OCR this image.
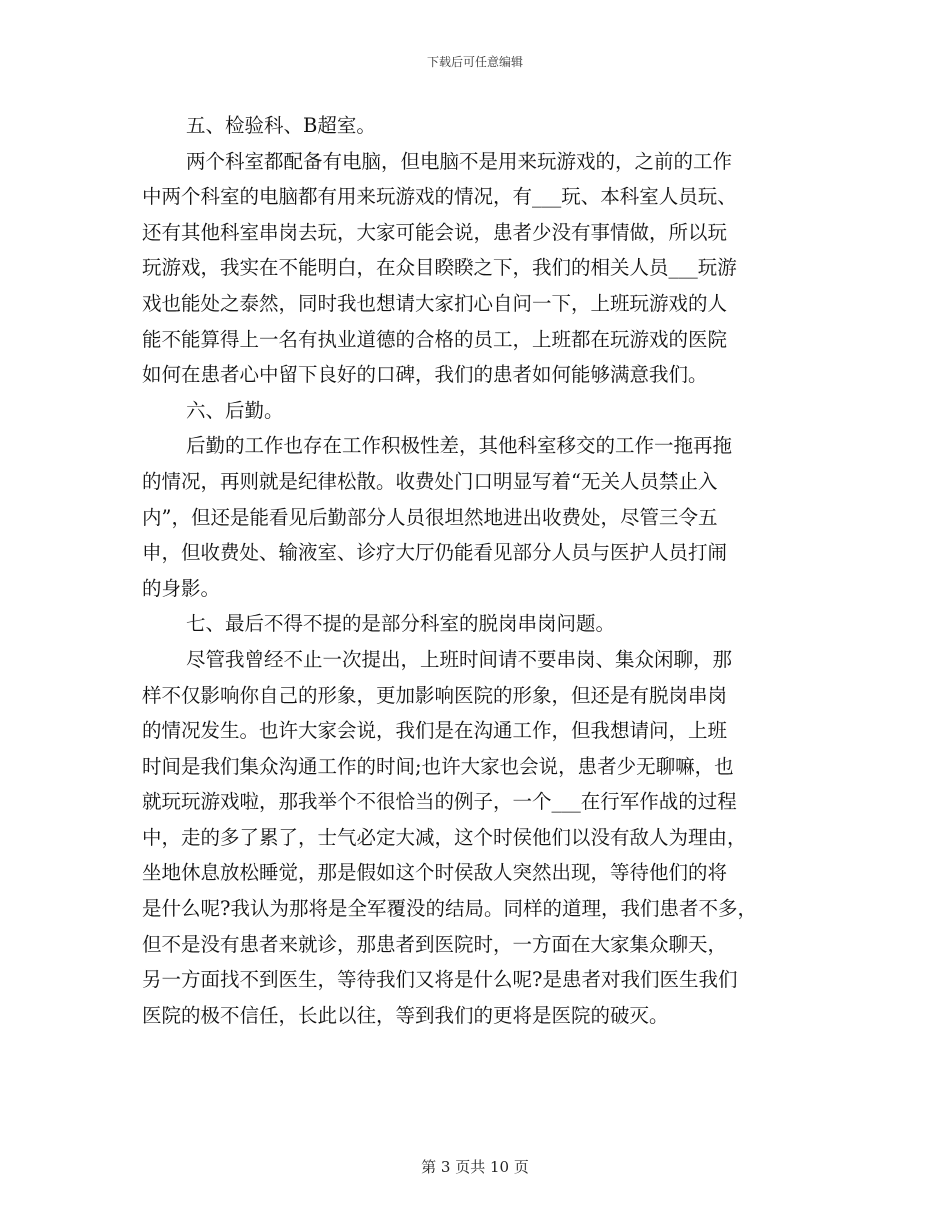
下载后可任意编辑
五、检验科、B超室。
两个科室都配备有电脑，但电脑不是用来玩游戏的，之前的工作
中两个科室的电脑都有用来玩游戏的情况，有___玩、本科室人员玩、
还有其他科室串岗去玩，大家可能会说，患者少没有事情做，所以玩
玩游戏，我实在不能明白，在众目睽睽之下，我们的相关人员___玩游
戏也能处之泰然，同时我也想请大家扪心自问一下，上班玩游戏的人
能不能算得上一名有执业道德的合格的员工，上班都在玩游戏的医院
如何在患者心中留下良好的口碑，我们的患者如何能够满意我们。
六、后勤。
后勤的工作也存在工作积极性差，其他科室移交的工作一拖再拖
的情况，再则就是纪律松散。收费处门口明显写着“无关人员禁止入
内”，但还是能看见后勤部分人员很坦然地进出收费处，尽管三令五
申，但收费处、输液室、诊疗大厅仍能看见部分人员与医护人员打闹
的身影。
七、最后不得不提的是部分科室的脱岗串岗问题。
尽管我曾经不止一次提出，上班时间请不要串岗、集众闲聊，那
样不仅影响你自己的形象，更加影响医院的形象，但还是有脱岗串岗
的情况发生。也许大家会说，我们是在沟通工作，但我想请问，上班
时间是我们集众沟通工作的时间;也许大家也会说，患者少无聊嘛，也
就玩玩游戏啦，那我举个不很恰当的例子，一个___在行军作战的过程
中，走的多了累了，士气必定大减，这个时侯他们以没有敌人为理由，
坐地休息放松睡觉，那是假如这个时侯敌人突然出现，等待他们的将
是什么呢?我认为那将是全军覆没的结局。同样的道理，我们患者不多，
但不是没有患者来就诊，那患者到医院时，一方面在大家集众聊天，
另一方面找不到医生，等待我们又将是什么呢?是患者对我们医生我们
医院的极不信任，长此以往，等到我们的更将是医院的破灭。
第 3 页共 10 页
